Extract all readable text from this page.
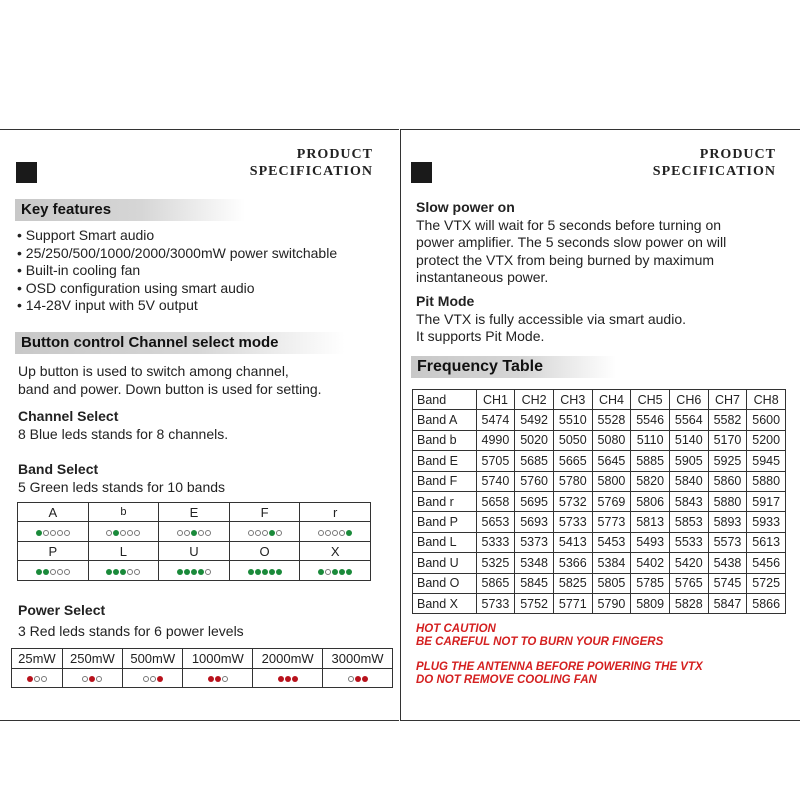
PRODUCT
SPECIFICATION
Key features
• Support Smart audio
• 25/250/500/1000/2000/3000mW power switchable
• Built-in cooling fan
• OSD configuration using smart audio
• 14-28V input with 5V output
Button control Channel select mode
Up button is used to switch among channel,
band and power. Down button is used for setting.
Channel Select
8 Blue leds stands for 8 channels.
Band Select
5 Green leds stands for 10 bands
A	b	E	F	r

P	L	U	O	X

Power Select
3 Red leds stands for 6 power levels
25mW	250mW	500mW	1000mW	2000mW	3000mW

PRODUCT
SPECIFICATION
Slow power on
The VTX will wait for 5 seconds before turning on
power amplifier. The 5 seconds slow power on will
protect the VTX from being burned by maximum
instantaneous power.
Pit Mode
The VTX is fully accessible via smart audio.
It supports Pit Mode.
Frequency Table
Band	CH1	CH2	CH3	CH4	CH5	CH6	CH7	CH8
Band A	5474	5492	5510	5528	5546	5564	5582	5600
Band b	4990	5020	5050	5080	5110	5140	5170	5200
Band E	5705	5685	5665	5645	5885	5905	5925	5945
Band F	5740	5760	5780	5800	5820	5840	5860	5880
Band r	5658	5695	5732	5769	5806	5843	5880	5917
Band P	5653	5693	5733	5773	5813	5853	5893	5933
Band L	5333	5373	5413	5453	5493	5533	5573	5613
Band U	5325	5348	5366	5384	5402	5420	5438	5456
Band O	5865	5845	5825	5805	5785	5765	5745	5725
Band X	5733	5752	5771	5790	5809	5828	5847	5866
HOT CAUTION
BE CAREFUL NOT TO BURN YOUR FINGERS
PLUG THE ANTENNA BEFORE POWERING THE VTX
DO NOT REMOVE COOLING FAN
